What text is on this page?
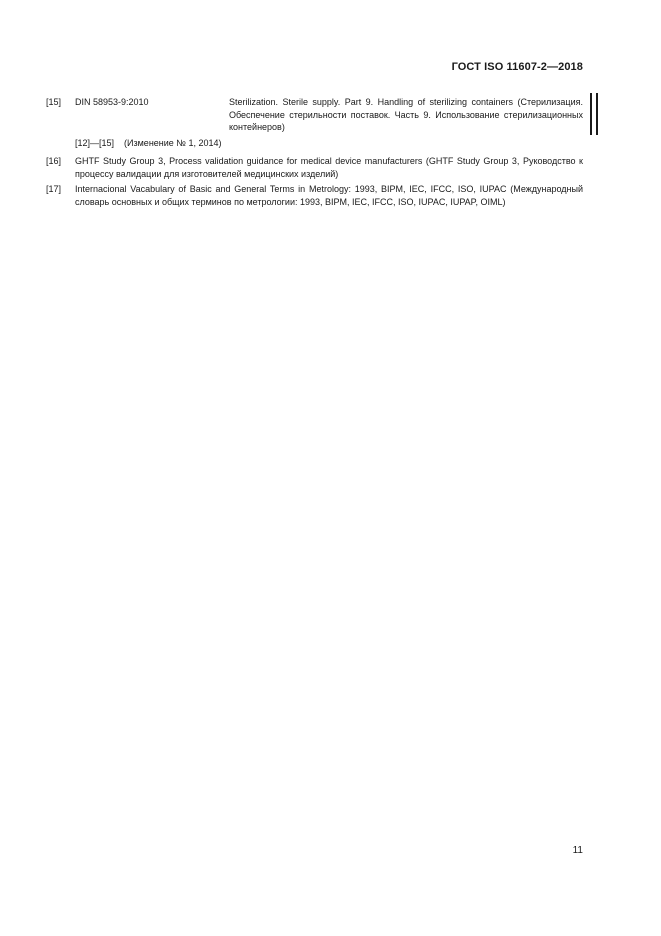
ГОСТ ISO 11607-2—2018
[15] DIN 58953-9:2010	Sterilization. Sterile supply. Part 9. Handling of sterilizing containers (Стерилизация. Обеспечение стерильности поставок. Часть 9. Использование стерилизационных контейнеров)
[12]—[15] (Изменение № 1, 2014)
[16] GHTF Study Group 3, Process validation guidance for medical device manufacturers (GHTF Study Group 3, Руководство к процессу валидации для изготовителей медицинских изделий)
[17] Internacional Vacabulary of Basic and General Terms in Metrology: 1993, BIPM, IEC, IFCC, ISO, IUPAC (Международный словарь основных и общих терминов по метрологии: 1993, BIPM, IEC, IFCC, ISO, IUPAC, IUPAP, OIML)
11
